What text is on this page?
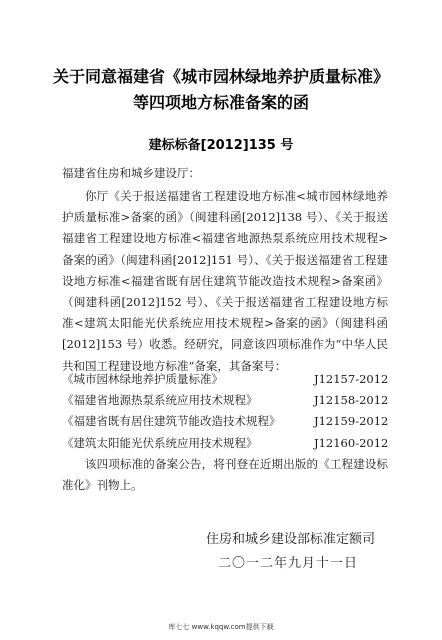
关于同意福建省《城市园林绿地养护质量标准》
等四项地方标准备案的函
建标标备[2012]135 号
福建省住房和城乡建设厅：

你厅《关于报送福建省工程建设地方标准<城市园林绿地养护质量标准>备案的函》（闽建科函[2012]138 号）、《关于报送福建省工程建设地方标准<福建省地源热泵系统应用技术规程>备案的函》（闽建科函[2012]151 号）、《关于报送福建省工程建设地方标准<福建省既有居住建筑节能改造技术规程>备案函》（闽建科函[2012]152 号）、《关于报送福建省工程建设地方标准<建筑太阳能光伏系统应用技术规程>备案的函》（闽建科函[2012]153 号）收悉。经研究，同意该四项标准作为“中华人民共和国工程建设地方标准”备案，其备案号：

《城市园林绿地养护质量标准》	J12157-2012
《福建省地源热泵系统应用技术规程》	J12158-2012
《福建省既有居住建筑节能改造技术规程》	J12159-2012
《建筑太阳能光伏系统应用技术规程》	J12160-2012

该四项标准的备案公告，将刊登在近期出版的《工程建设标准化》刊物上。

住房和城乡建设部标准定额司
二〇一二年九月十一日
库七七 www.kqqw.com提供下载
